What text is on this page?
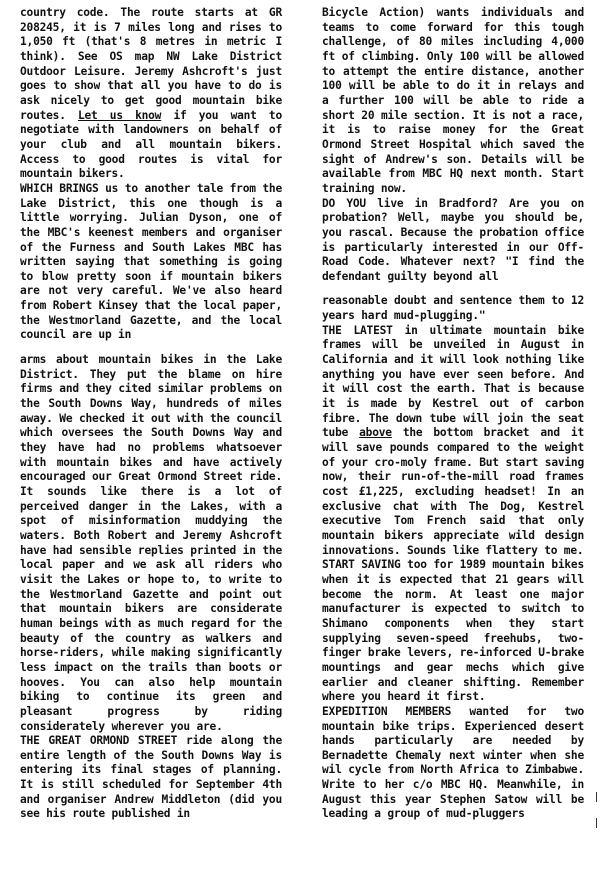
country code. The route starts at GR 208245, it is 7 miles long and rises to 1,050 ft (that's 8 metres in metric I think). See OS map NW Lake District Outdoor Leisure. Jeremy Ashcroft's just goes to show that all you have to do is ask nicely to get good mountain bike routes. Let us know if you want to negotiate with landowners on behalf of your club and all mountain bikers. Access to good routes is vital for mountain bikers.

WHICH BRINGS us to another tale from the Lake District, this one though is a little worrying. Julian Dyson, one of the MBC's keenest members and organiser of the Furness and South Lakes MBC has written saying that something is going to blow pretty soon if mountain bikers are not very careful. We've also heard from Robert Kinsey that the local paper, the Westmorland Gazette, and the local council are up in

arms about mountain bikes in the Lake District. They put the blame on hire firms and they cited similar problems on the South Downs Way, hundreds of miles away. We checked it out with the council which oversees the South Downs Way and they have had no problems whatsoever with mountain bikes and have actively encouraged our Great Ormond Street ride. It sounds like there is a lot of perceived danger in the Lakes, with a spot of misinformation muddying the waters. Both Robert and Jeremy Ashcroft have had sensible replies printed in the local paper and we ask all riders who visit the Lakes or hope to, to write to the Westmorland Gazette and point out that mountain bikers are considerate human beings with as much regard for the beauty of the country as walkers and horse-riders, while making significantly less impact on the trails than boots or hooves. You can also help mountain biking to continue its green and pleasant progress by riding considerately wherever you are.

THE GREAT ORMOND STREET ride along the entire length of the South Downs Way is entering its final stages of planning. It is still scheduled for September 4th and organiser Andrew Middleton (did you see his route published in

Bicycle Action) wants individuals and teams to come forward for this tough challenge, of 80 miles including 4,000 ft of climbing. Only 100 will be allowed to attempt the entire distance, another 100 will be able to do it in relays and a further 100 will be able to ride a short 20 mile section. It is not a race, it is to raise money for the Great Ormond Street Hospital which saved the sight of Andrew's son. Details will be available from MBC HQ next month. Start training now.

DO YOU live in Bradford? Are you on probation? Well, maybe you should be, you rascal. Because the probation office is particularly interested in our Off-Road Code. Whatever next? "I find the defendant guilty beyond all

reasonable doubt and sentence them to 12 years hard mud-plugging."

THE LATEST in ultimate mountain bike frames will be unveiled in August in California and it will look nothing like anything you have ever seen before. And it will cost the earth. That is because it is made by Kestrel out of carbon fibre. The down tube will join the seat tube above the bottom bracket and it will save pounds compared to the weight of your cro-moly frame. But start saving now, their run-of-the-mill road frames cost £1,225, excluding headset! In an exclusive chat with The Dog, Kestrel executive Tom French said that only mountain bikers appreciate wild design innovations. Sounds like flattery to me.

START SAVING too for 1989 mountain bikes when it is expected that 21 gears will become the norm. At least one major manufacturer is expected to switch to Shimano components when they start supplying seven-speed freehubs, two-finger brake levers, re-inforced U-brake mountings and gear mechs which give earlier and cleaner shifting. Remember where you heard it first.

EXPEDITION MEMBERS wanted for two mountain bike trips. Experienced desert hands particularly are needed by Bernadette Chemaly next winter when she wil cycle from North Africa to Zimbabwe. Write to her c/o MBC HQ. Meanwhile, in August this year Stephen Satow will be leading a group of mud-pluggers
